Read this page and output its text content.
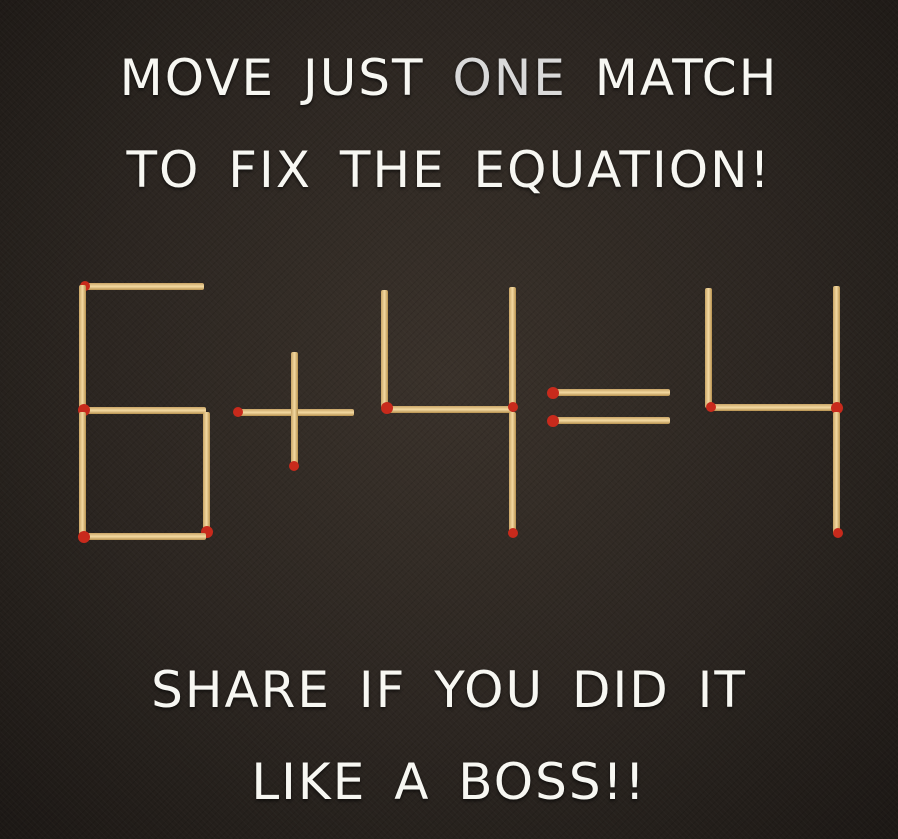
MOVE JUST ONE MATCH

TO FIX THE EQUATION!

SHARE IF YOU DID IT

LIKE A BOSS!!
